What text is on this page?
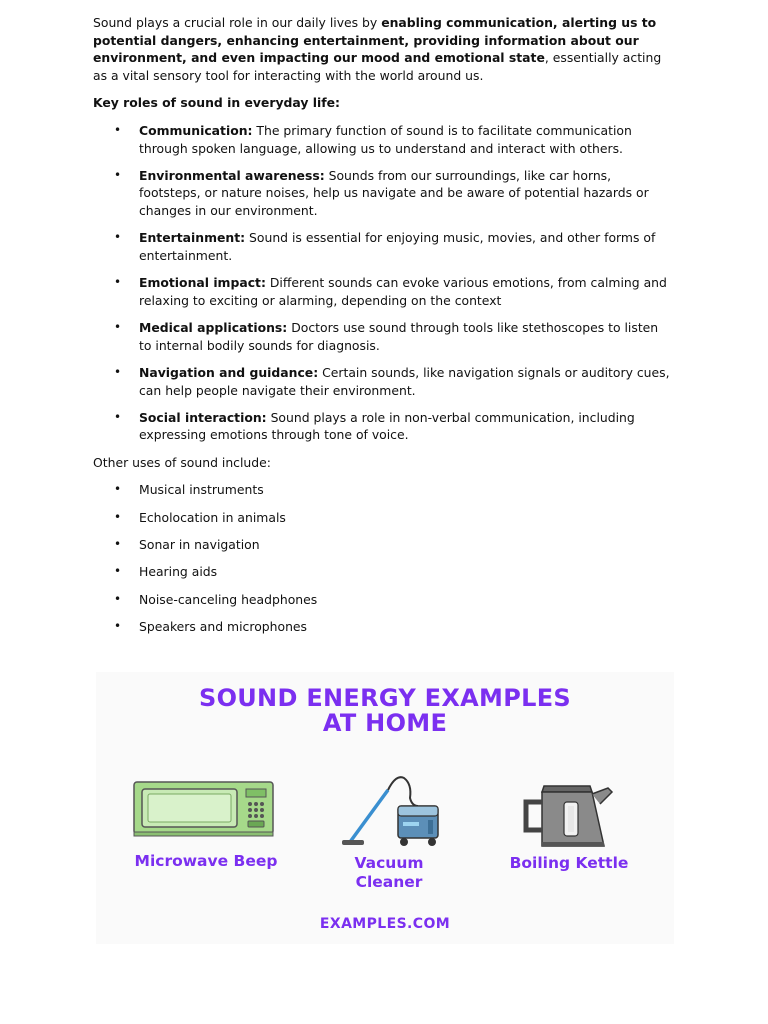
Sound plays a crucial role in our daily lives by enabling communication, alerting us to potential dangers, enhancing entertainment, providing information about our environment, and even impacting our mood and emotional state, essentially acting as a vital sensory tool for interacting with the world around us.

Key roles of sound in everyday life:

• Communication: The primary function of sound is to facilitate communication through spoken language, allowing us to understand and interact with others.
• Environmental awareness: Sounds from our surroundings, like car horns, footsteps, or nature noises, help us navigate and be aware of potential hazards or changes in our environment.
• Entertainment: Sound is essential for enjoying music, movies, and other forms of entertainment.
• Emotional impact: Different sounds can evoke various emotions, from calming and relaxing to exciting or alarming, depending on the context
• Medical applications: Doctors use sound through tools like stethoscopes to listen to internal bodily sounds for diagnosis.
• Navigation and guidance: Certain sounds, like navigation signals or auditory cues, can help people navigate their environment.
• Social interaction: Sound plays a role in non-verbal communication, including expressing emotions through tone of voice.

Other uses of sound include:

• Musical instruments
• Echolocation in animals
• Sonar in navigation
• Hearing aids
• Noise-canceling headphones
• Speakers and microphones
SOUND ENERGY EXAMPLES
AT HOME
Microwave Beep	Vacuum
Cleaner
Boiling Kettle
EXAMPLES.COM
